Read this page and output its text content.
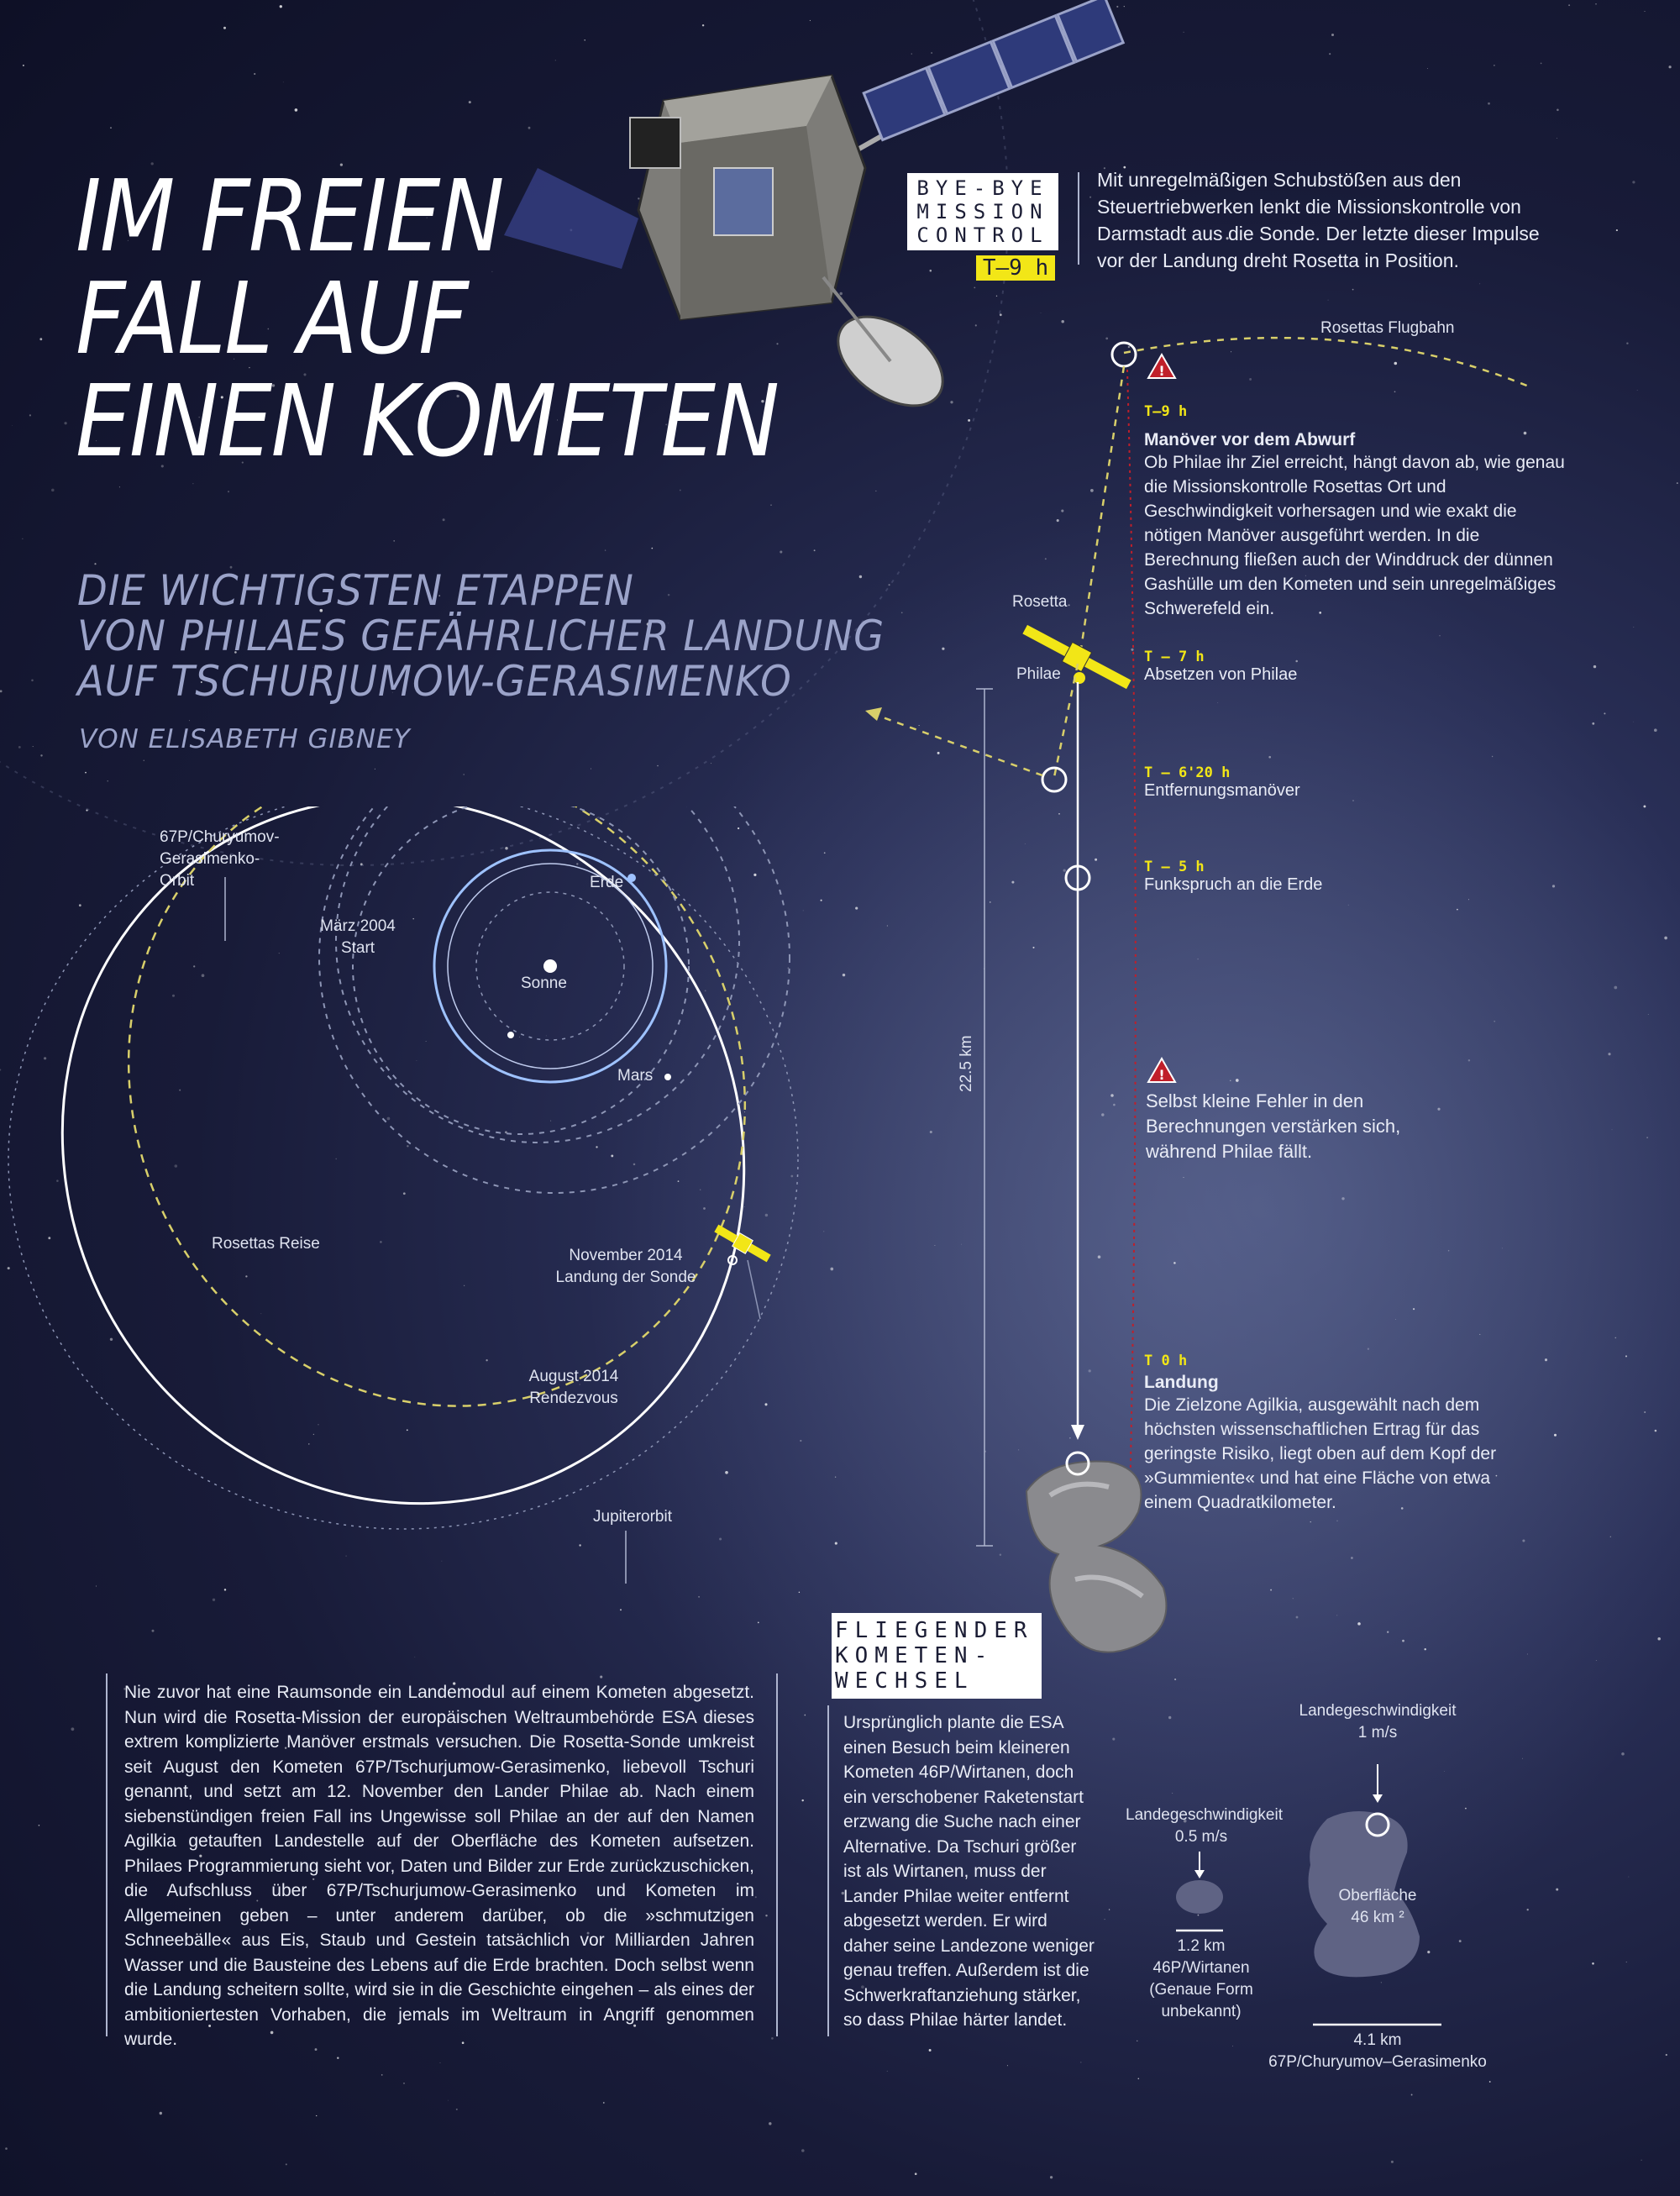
IM FREIEN
FALL AUF
EINEN KOMETEN
DIE WICHTIGSTEN ETAPPEN
VON PHILAES GEFÄHRLICHER LANDUNG
AUF TSCHURJUMOW-GERASIMENKO
VON ELISABETH GIBNEY
BYE-BYE
MISSION
CONTROL
T–9 h
Mit unregelmäßigen Schubstößen aus den Steuertriebwerken lenkt die Missionskontrolle von Darmstadt aus die Sonde. Der letzte dieser Impulse vor der Landung dreht Rosetta in Position.
67P/Churyumov-
Gerasimenko-
Orbit
März 2004
Start
Erde
Sonne
Mars
Rosettas Reise
November 2014
Landung der Sonde
August 2014
Rendezvous
Jupiterorbit
!
!
Rosettas Flugbahn
Rosetta
Philae
22.5 km
T–9 h
Manöver vor dem Abwurf
Ob Philae ihr Ziel erreicht, hängt davon ab, wie genau die Missionskontrolle Rosettas Ort und Geschwindigkeit vorhersagen und wie exakt die nötigen Manöver ausgeführt werden. In die Berechnung fließen auch der Winddruck der dünnen Gashülle um den Kometen und sein unregelmäßiges Schwerefeld ein.
T – 7 h
Absetzen von Philae
T – 6'20 h
Entfernungsmanöver
T – 5 h
Funkspruch an die Erde
Selbst kleine Fehler in den Berechnungen verstärken sich, während Philae fällt.
T 0 h
Landung
Die Zielzone Agilkia, ausgewählt nach dem höchsten wissenschaftlichen Ertrag für das geringste Risiko, liegt oben auf dem Kopf der »Gummiente« und hat eine Fläche von etwa einem Quadratkilometer.
Nie zuvor hat eine Raumsonde ein Landemodul auf einem Kometen abgesetzt. Nun wird die Rosetta-Mission der europäischen Weltraumbehörde ESA dieses extrem komplizierte Manöver erstmals versuchen. Die Rosetta-Sonde umkreist seit August den Kometen 67P/Tschurjumow-Gerasimenko, liebevoll Tschuri genannt, und setzt am 12. November den Lander Philae ab. Nach einem siebenstündigen freien Fall ins Ungewisse soll Philae an der auf den Namen Agilkia getauften Landestelle auf der Oberfläche des Kometen aufsetzen. Philaes Programmierung sieht vor, Daten und Bilder zur Erde zurückzuschicken, die Aufschluss über 67P/Tschurjumow-Gerasimenko und Kometen im Allgemeinen geben – unter anderem darüber, ob die »schmutzigen Schneebälle« aus Eis, Staub und Gestein tatsächlich vor Milliarden Jahren Wasser und die Bausteine des Lebens auf die Erde brachten. Doch selbst wenn die Landung scheitern sollte, wird sie in die Geschichte eingehen – als eines der ambitioniertesten Vorhaben, die jemals im Weltraum in Angriff genommen wurde.
FLIEGENDER
KOMETEN-
WECHSEL
Ursprünglich plante die ESA einen Besuch beim kleineren Kometen 46P/Wirtanen, doch ein verschobener Raketenstart erzwang die Suche nach einer Alternative. Da Tschuri größer ist als Wirtanen, muss der Lander Philae weiter entfernt abgesetzt werden. Er wird daher seine Landezone weniger genau treffen. Außerdem ist die Schwerkraftanziehung stärker, so dass Philae härter landet.
Landegeschwindigkeit
0.5 m/s
1.2 km
46P/Wirtanen
(Genaue Form
unbekannt)
Landegeschwindigkeit
1 m/s
Oberfläche
46 km ²
4.1 km
67P/Churyumov–Gerasimenko
